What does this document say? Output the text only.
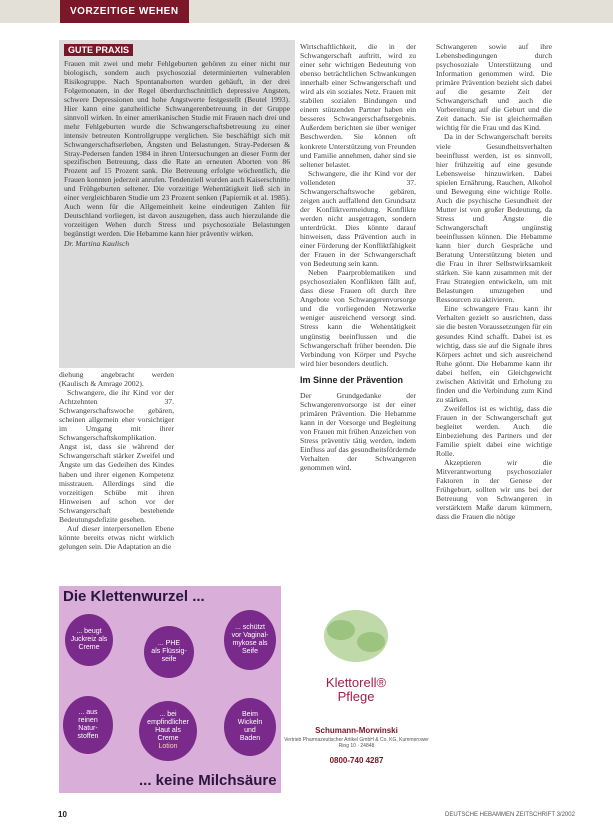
VORZEITIGE WEHEN
GUTE PRAXIS
Frauen mit zwei und mehr Fehlgeburten gehören zu einer nicht nur biologisch, sondern auch psychosozial determinierten vulnerablen Risikogruppe. Nach Spontanaborten wurden gehäuft, in der drei Folgemonaten, in der Regel überdurchschnittlich depressive Angsten, schwere Depressionen und hohe Angstwerte festgestellt (Beutel 1993). Hier kann eine ganzheitliche Schwangerenbetreuung in der Gruppe sinnvoll wirken. In einer amerikanischen Studie mit Frauen nach drei und mehr Fehlgeburten wurde die Schwangerschaftsbetreuung zu einer intensiv betreuten Kontrollgruppe verglichen. Sie beschäftigt sich mit Schwangerschaftserleben, Ängsten und Belastungen. Stray-Pedersen & Stray-Pedersen fanden 1984 in ihren Untersuchungen an dieser Form der spezifischen Betreuung, dass die Rate an erneuten Aborten von 86 Prozent auf 15 Prozent sank. Die Betreuung erfolgte wöchentlich, die Frauen konnten jederzeit anrufen. Tendenziell wurden auch Kaiserschnitte und Frühgeburten seltener. Die vorzeitige Wehentätigkeit ließ sich in einer vergleichbaren Studie um 23 Prozent senken (Papiernik et al. 1985). Auch wenn für die Allgemeinheit keine eindeutigen Zahlen für Deutschland vorliegen, ist davon auszugehen, dass auch hierzulande die vorzeitigen Wehen durch Stress und psychosoziale Belastungen begünstigt werden. Die Hebamme kann hier präventiv wirken.
Dr. Martina Kaulisch

diehung angebracht werden (Kaulisch & Amrage 2002).

Schwangere, die ihr Kind vor der Achtzehnten 37. Schwangerschaftswoche gebären, scheinen allgemein eher vorsichtiger im Umgang mit ihrer Schwangerschaftskomplikation. Angst ist, dass sie während der Schwangerschaft stärker Zweifel und Ängste um das Gedeihen des Kindes haben und ihrer eigenen Kompetenz misstrauen. Allerdings sind die vorzeitigen Schübe mit ihren Hinweisen auf schon vor der Schwangerschaft bestehende Bedeutungsdefizite gesehen.

Auf dieser interpersonellen Ebene könnte bereits etwas nicht wirklich gelungen sein. Die Adaptation an die

Wirtschaftlichkeit, die in der Schwangerschaft auftritt, wird zu einer sehr wichtigen Bedeutung von ebenso beträchtlichen Schwankungen innerhalb einer Schwangerschaft und wird als ein soziales Netz. Frauen mit stabilen sozialen Bindungen und einem stützenden Partner haben ein besseres Schwangerschaftsergebnis. Außerdem berichten sie über weniger Beschwerden. Sie können oft konkrete Unterstützung von Freunden und Familie annehmen, daher sind sie seltener belastet.

Schwangere, die ihr Kind vor der vollendeten 37. Schwangerschaftswoche gebären, zeigen auch auffallend den Grundsatz der Konfliktvermeidung. Konflikte werden nicht ausgetragen, sondern unterdrückt. Dies könnte darauf hinweisen, dass Prävention auch in einer Förderung der Konfliktfähigkeit der Frauen in der Schwangerschaft von Bedeutung sein kann.

Neben Paarproblematiken und psychosozialen Konflikten fällt auf, dass diese Frauen oft durch ihre Angebote von Schwangerenvorsorge und die vorliegenden Netzwerke weniger ausreichend versorgt sind. Stress kann die Wehentätigkeit ungünstig beeinflussen und die Schwangerschaft früher beenden. Die Verbindung von Körper und Psyche wird hier besonders deutlich.

Im Sinne der Prävention

Der Grundgedanke der Schwangerenvorsorge ist der einer primären Prävention. Die Hebamme kann in der Vorsorge und Begleitung von Frauen mit frühen Anzeichen von Stress präventiv tätig werden, indem Einfluss auf das gesundheitsfördernde Verhalten der Schwangeren genommen wird.

Schwangeren sowie auf ihre Lebensbedingungen durch psychosoziale Unterstützung und Information genommen wird. Die primäre Prävention bezieht sich dabei auf die gesamte Zeit der Schwangerschaft und auch die Vorbereitung auf die Geburt und die Zeit danach. Sie ist gleichermaßen wichtig für die Frau und das Kind.

Da in der Schwangerschaft bereits viele Gesundheitsverhalten beeinflusst werden, ist es sinnvoll, hier frühzeitig auf eine gesunde Lebensweise hinzuwirken. Dabei spielen Ernährung, Rauchen, Alkohol und Bewegung eine wichtige Rolle. Auch die psychische Gesundheit der Mutter ist von großer Bedeutung, da Stress und Ängste die Schwangerschaft ungünstig beeinflussen können. Die Hebamme kann hier durch Gespräche und Beratung Unterstützung bieten und die Frau in ihrer Selbstwirksamkeit stärken. Sie kann zusammen mit der Frau Strategien entwickeln, um mit Belastungen umzugehen und Ressourcen zu aktivieren.

Eine schwangere Frau kann ihr Verhalten gezielt so ausrichten, dass sie die besten Voraussetzungen für ein gesundes Kind schafft. Dabei ist es wichtig, dass sie auf die Signale ihres Körpers achtet und sich ausreichend Ruhe gönnt. Die Hebamme kann ihr dabei helfen, ein Gleichgewicht zwischen Aktivität und Erholung zu finden und die Verbindung zum Kind zu stärken.

Zweifellos ist es wichtig, dass die Frauen in der Schwangerschaft gut begleitet werden. Auch die Einbeziehung des Partners und der Familie spielt dabei eine wichtige Rolle.

Akzeptieren wir die Mitverantwortung psychosozialer Faktoren in der Genese der Frühgeburt, sollten wir uns bei der Betreuung von Schwangeren in verstärktem Maße darum kümmern, dass die Frauen die nötige

Die Klettenwurzel ...
... beugt
Juckreiz als
Creme
... PHE
als Flüssig-
seife
... schützt
vor Vaginal-
mykose als
Seife
... aus
reinen
Natur-
stoffen
... bei
empfindlicher
Haut als
Creme
Lotion
Beim
Wickeln
und
Baden
... keine Milchsäure
Klettorell®
Pflege
Schumann-Morwinski
Vertrieb Pharmazeutischer Artikel GmbH & Co. KG, Kummerower Ring 10 · 24848
0800-740 4287
10	DEUTSCHE HEBAMMEN ZEITSCHRIFT 3/2002
